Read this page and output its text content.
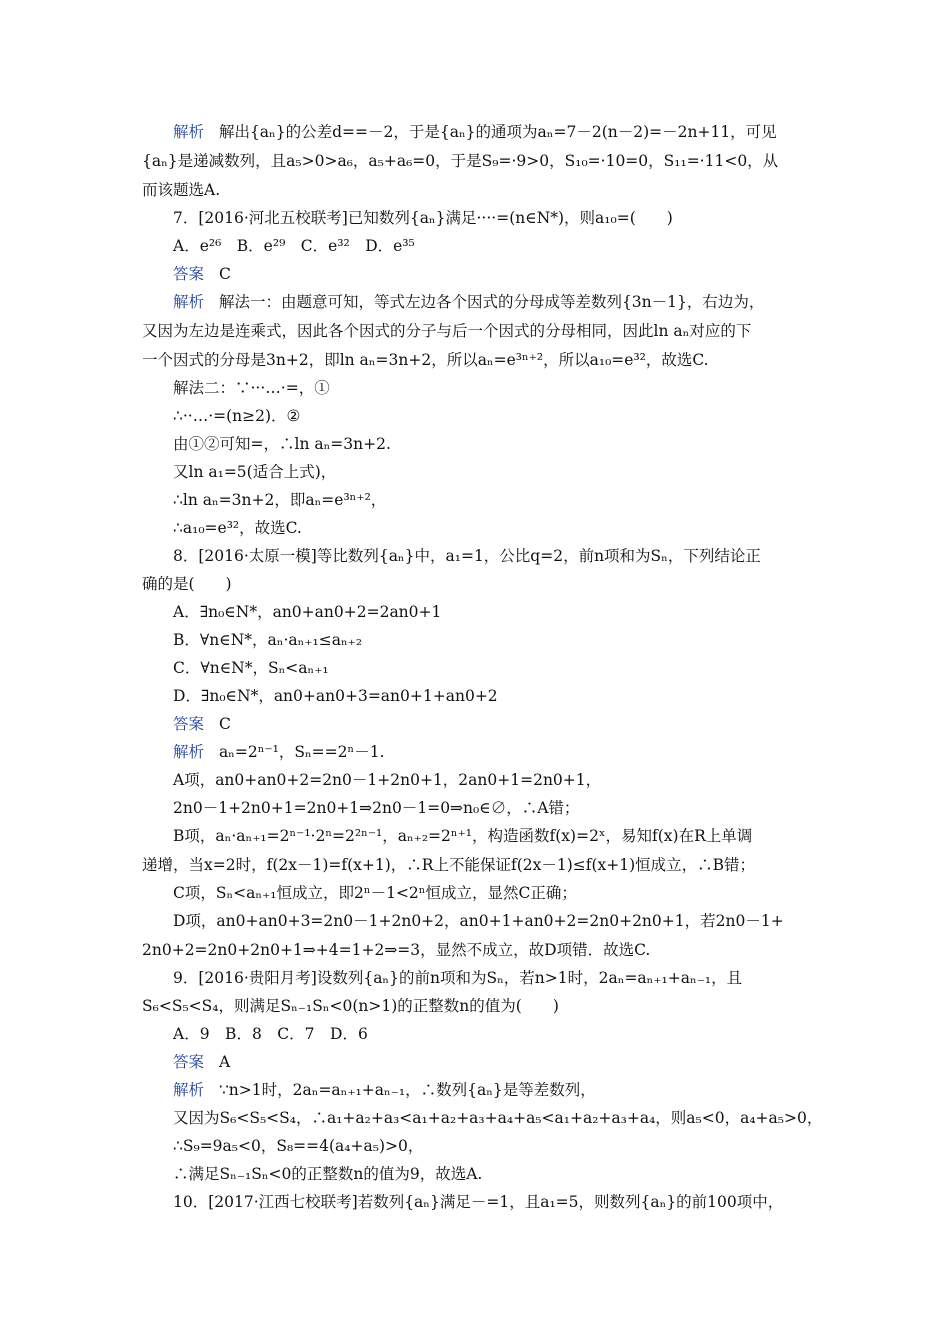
解析 解出{aₙ}的公差d==－2，于是{aₙ}的通项为aₙ=7－2(n－2)=－2n+11，可见
{aₙ}是递减数列，且a₅>0>a₆，a₅+a₆=0，于是S₉=·9>0，S₁₀=·10=0，S₁₁=·11<0，从
而该题选A.
7．[2016·河北五校联考]已知数列{aₙ}满足····=(n∈N*)，则a₁₀=(　　)
A．e²⁶　B．e²⁹　C．e³²　D．e³⁵
答案 C
解析 解法一：由题意可知，等式左边各个因式的分母成等差数列{3n－1}，右边为，
又因为左边是连乘式，因此各个因式的分子与后一个因式的分母相同，因此ln aₙ对应的下
一个因式的分母是3n+2，即ln aₙ=3n+2，所以aₙ=e³ⁿ⁺²，所以a₁₀=e³²，故选C.
解法二：∵···…·=，①
∴··…·=(n≥2)．②
由①②可知=，∴ln aₙ=3n+2.
又ln a₁=5(适合上式)，
∴ln aₙ=3n+2，即aₙ=e³ⁿ⁺²，
∴a₁₀=e³²，故选C.
8．[2016·太原一模]等比数列{aₙ}中，a₁=1，公比q=2，前n项和为Sₙ，下列结论正
确的是(　　)
A．∃n₀∈N*，an0+an0+2=2an0+1
B．∀n∈N*，aₙ·aₙ₊₁≤aₙ₊₂
C．∀n∈N*，Sₙ<aₙ₊₁
D．∃n₀∈N*，an0+an0+3=an0+1+an0+2
答案 C
解析 aₙ=2ⁿ⁻¹，Sₙ==2ⁿ－1.
A项，an0+an0+2=2n0－1+2n0+1，2an0+1=2n0+1，
2n0－1+2n0+1=2n0+1⇒2n0－1=0⇒n₀∈∅，∴A错；
B项，aₙ·aₙ₊₁=2ⁿ⁻¹·2ⁿ=2²ⁿ⁻¹，aₙ₊₂=2ⁿ⁺¹，构造函数f(x)=2ˣ，易知f(x)在R上单调
递增，当x=2时，f(2x－1)=f(x+1)，∴R上不能保证f(2x－1)≤f(x+1)恒成立，∴B错；
C项，Sₙ<aₙ₊₁恒成立，即2ⁿ－1<2ⁿ恒成立，显然C正确；
D项，an0+an0+3=2n0－1+2n0+2，an0+1+an0+2=2n0+2n0+1，若2n0－1+
2n0+2=2n0+2n0+1⇒+4=1+2⇒=3，显然不成立，故D项错．故选C.
9．[2016·贵阳月考]设数列{aₙ}的前n项和为Sₙ，若n>1时，2aₙ=aₙ₊₁+aₙ₋₁，且
S₆<S₅<S₄，则满足Sₙ₋₁Sₙ<0(n>1)的正整数n的值为(　　)
A．9　B．8　C．7　D．6
答案 A
解析 ∵n>1时，2aₙ=aₙ₊₁+aₙ₋₁，∴数列{aₙ}是等差数列，
又因为S₆<S₅<S₄，∴a₁+a₂+a₃<a₁+a₂+a₃+a₄+a₅<a₁+a₂+a₃+a₄，则a₅<0，a₄+a₅>0，
∴S₉=9a₅<0，S₈==4(a₄+a₅)>0，
∴满足Sₙ₋₁Sₙ<0的正整数n的值为9，故选A.
10．[2017·江西七校联考]若数列{aₙ}满足－=1，且a₁=5，则数列{aₙ}的前100项中，
